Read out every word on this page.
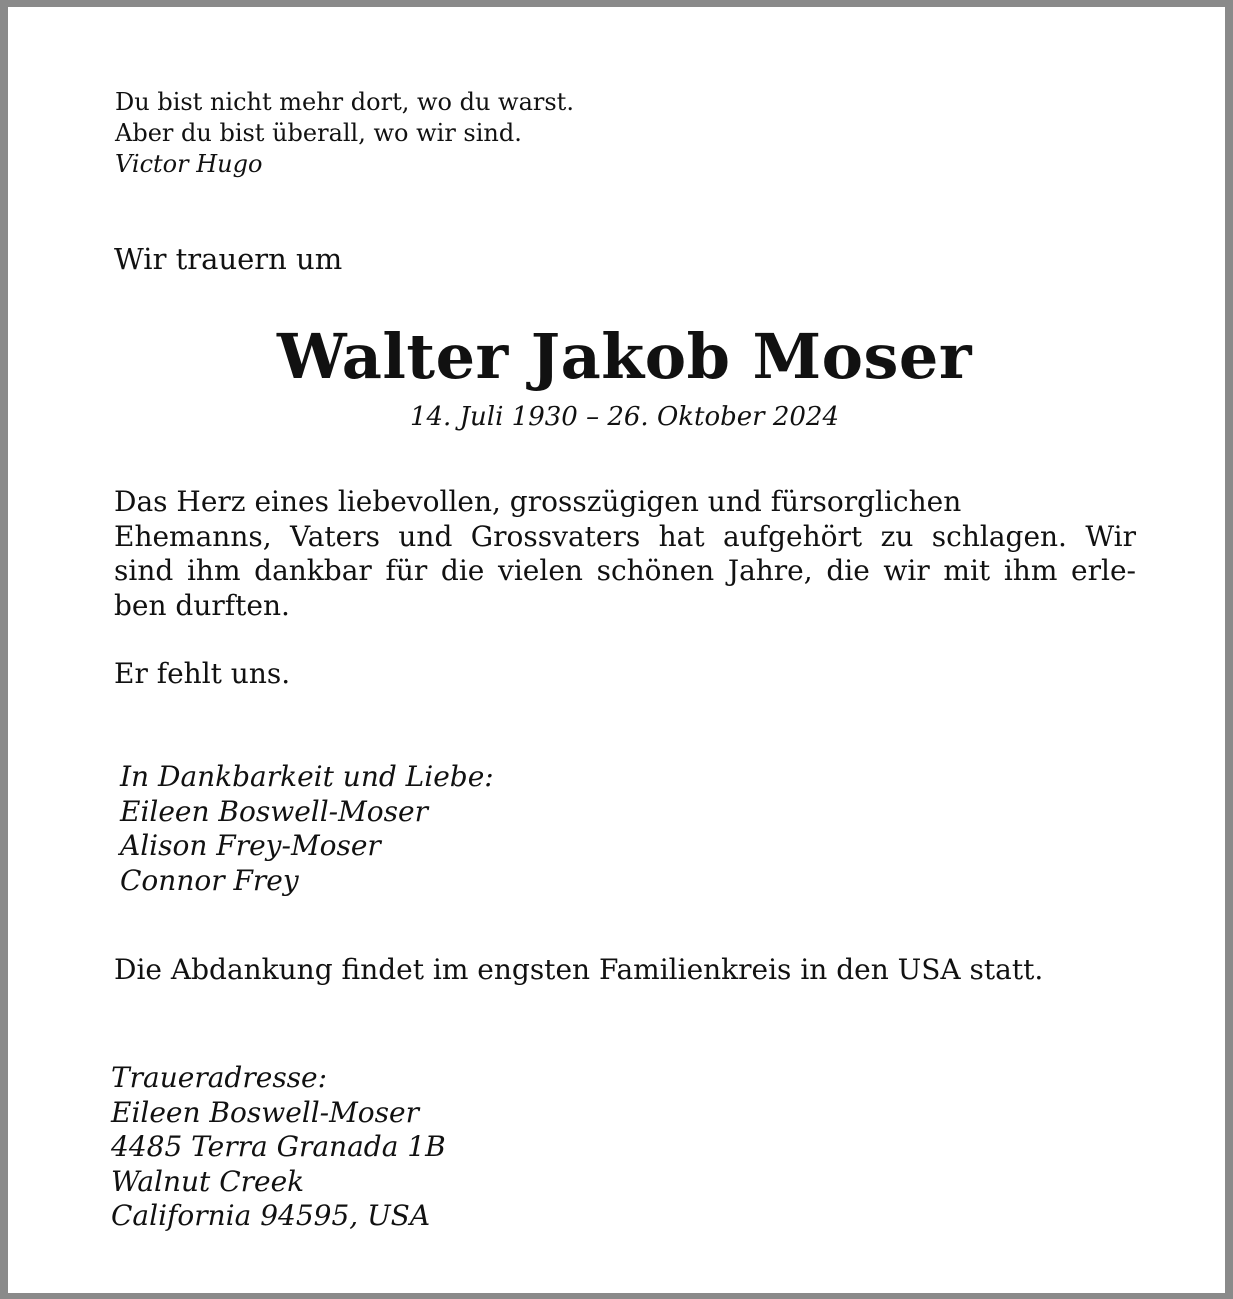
Du bist nicht mehr dort, wo du warst.
Aber du bist überall, wo wir sind.
Victor Hugo
Wir trauern um
Walter Jakob Moser
14. Juli 1930 – 26. Oktober 2024
Das Herz eines liebevollen, grosszügigen und fürsorglichen
Ehemanns, Vaters und Grossvaters hat aufgehört zu schlagen. Wir
sind ihm dankbar für die vielen schönen Jahre, die wir mit ihm erle-
ben durften.
Er fehlt uns.
In Dankbarkeit und Liebe:
Eileen Boswell-Moser
Alison Frey-Moser
Connor Frey
Die Abdankung findet im engsten Familienkreis in den USA statt.
Traueradresse:
Eileen Boswell-Moser
4485 Terra Granada 1B
Walnut Creek
California 94595, USA
